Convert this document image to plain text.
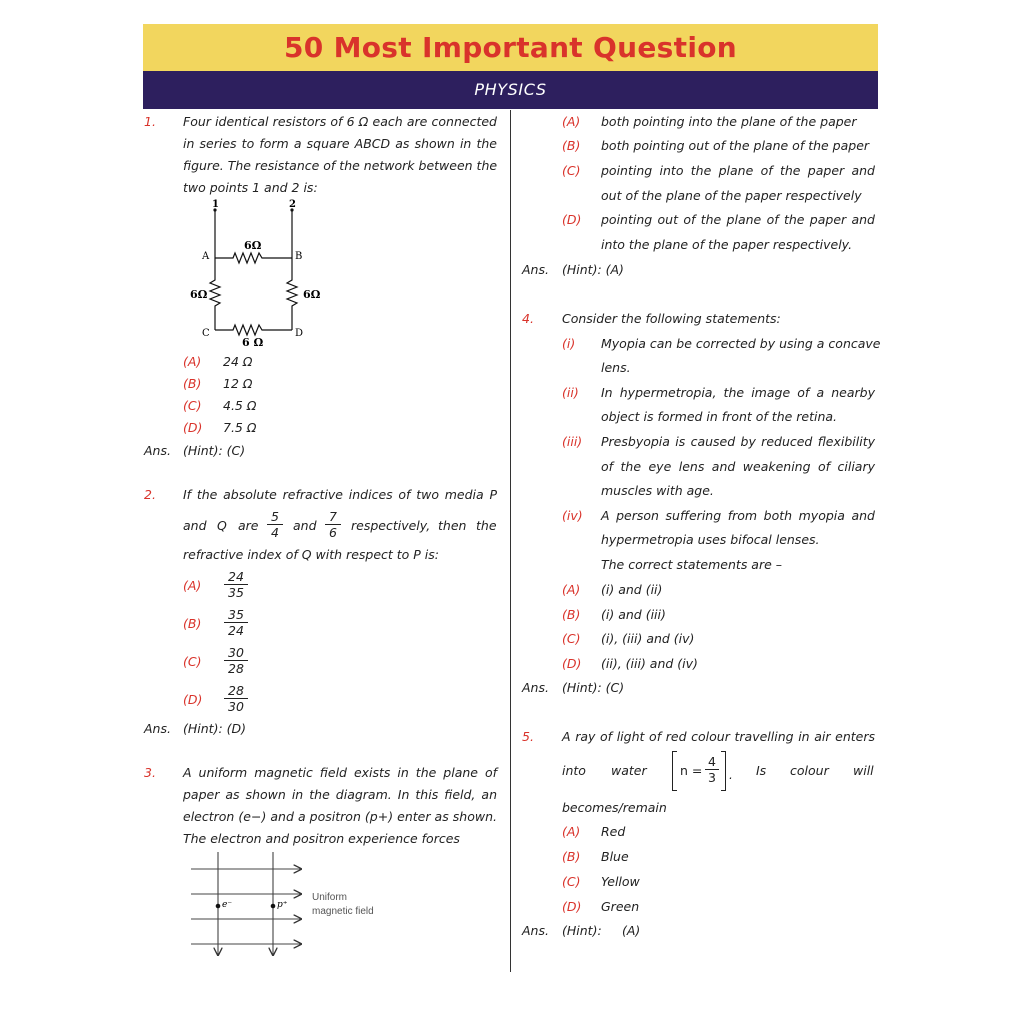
50 Most Important Question
PHYSICS
1. Four identical resistors of 6 Ω each are connected
in series to form a square ABCD as shown in the
figure. The resistance of the network between the
two points 1 and 2 is:
1	2
A	B
C	D
6Ω
6Ω	6Ω
6 Ω
(A) 24 Ω
(B) 12 Ω
(C) 4.5 Ω
(D) 7.5 Ω
Ans. (Hint): (C)
2. If the absolute refractive indices of two media P
and Q are $\frac{5}{4}$ and $\frac{7}{6}$ respectively, then the
refractive index of Q with respect to P is:
$(A) \frac{24}{35}$
$(B) \frac{35}{24}$
$(C) \frac{30}{28}$
$(D) \frac{28}{30}$
Ans. (Hint): (D)
3. A uniform magnetic field exists in the plane of
paper as shown in the diagram. In this field, an
electron (e−) and a positron (p+) enter as shown.
The electron and positron experience forces
e⁻	p⁺
Uniform
magnetic field
(A) both pointing into the plane of the paper
(B) both pointing out of the plane of the paper
(C) pointing into the plane of the paper and
out of the plane of the paper respectively
(D) pointing out of the plane of the paper and
into the plane of the paper respectively.
Ans. (Hint): (A)
4. Consider the following statements:
(i) Myopia can be corrected by using a concave
lens.
(ii) In hypermetropia, the image of a nearby
object is formed in front of the retina.
(iii) Presbyopia is caused by reduced flexibility
of the eye lens and weakening of ciliary
muscles with age.
(iv) A person suffering from both myopia and
hypermetropia uses bifocal lenses.
The correct statements are –
(A) (i) and (ii)
(B) (i) and (iii)
(C) (i), (iii) and (iv)
(D) (ii), (iii) and (iv)
Ans. (Hint): (C)
5. A ray of light of red colour travelling in air enters
into water	$n = \frac{4}{3}$ . Is colour will
becomes/remain
(A) Red
(B) Blue
(C) Yellow
(D) Green
Ans. (Hint): (A)
